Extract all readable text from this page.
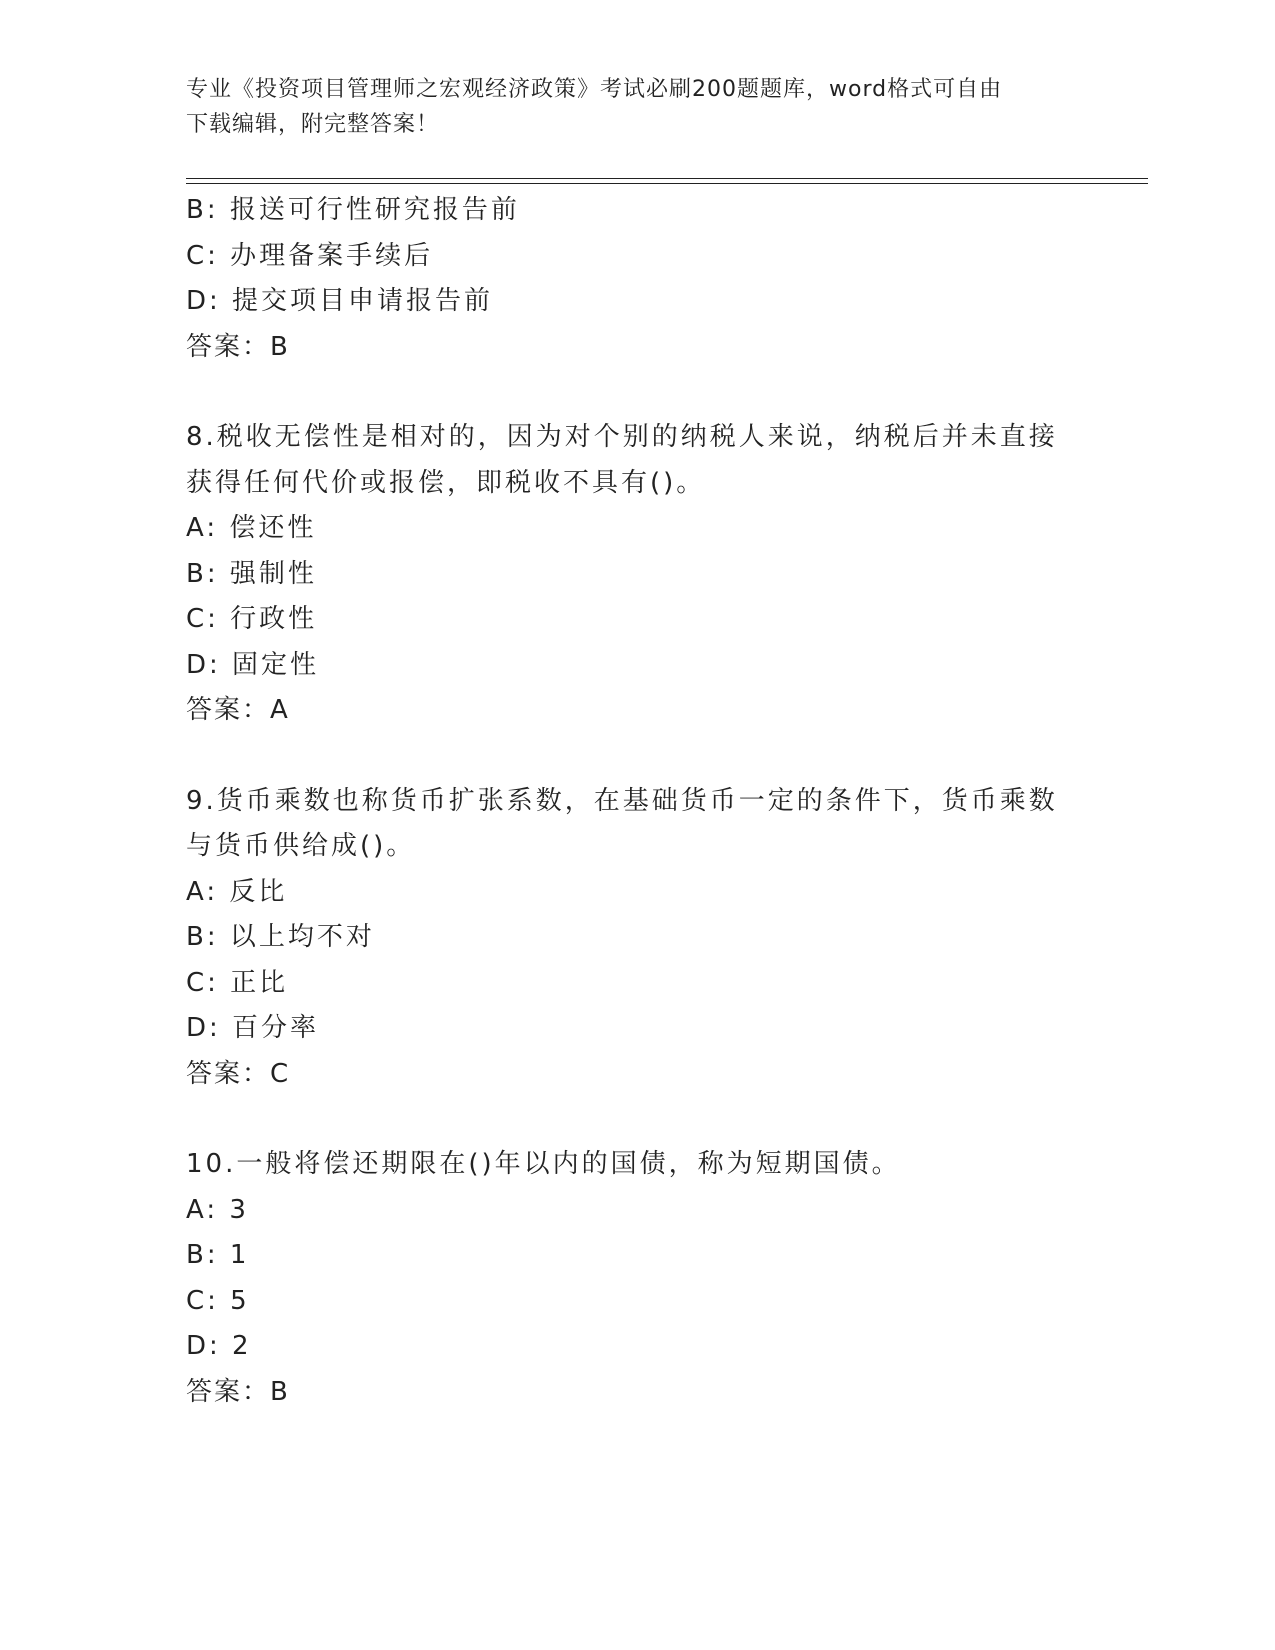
专业《投资项目管理师之宏观经济政策》考试必刷200题题库，word格式可自由
下载编辑，附完整答案！
B: 报送可行性研究报告前
C: 办理备案手续后
D: 提交项目申请报告前
答案：B
8.税收无偿性是相对的，因为对个别的纳税人来说，纳税后并未直接
获得任何代价或报偿，即税收不具有()。
A: 偿还性
B: 强制性
C: 行政性
D: 固定性
答案：A
9.货币乘数也称货币扩张系数，在基础货币一定的条件下，货币乘数
与货币供给成()。
A: 反比
B: 以上均不对
C: 正比
D: 百分率
答案：C
10.一般将偿还期限在()年以内的国债，称为短期国债。
A: 3
B: 1
C: 5
D: 2
答案：B
